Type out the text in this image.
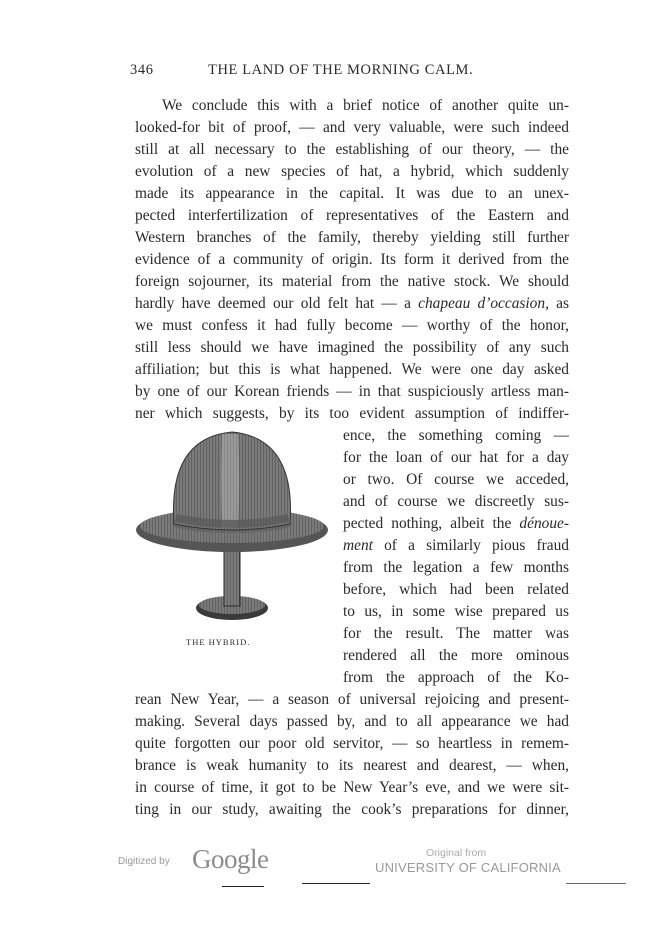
346	THE LAND OF THE MORNING CALM.
We conclude this with a brief notice of another quite un-
looked-for bit of proof, — and very valuable, were such indeed
still at all necessary to the establishing of our theory, — the
evolution of a new species of hat, a hybrid, which suddenly
made its appearance in the capital. It was due to an unex-
pected interfertilization of representatives of the Eastern and
Western branches of the family, thereby yielding still further
evidence of a community of origin. Its form it derived from the
foreign sojourner, its material from the native stock. We should
hardly have deemed our old felt hat — a chapeau d’occasion, as
we must confess it had fully become — worthy of the honor,
still less should we have imagined the possibility of any such
affiliation; but this is what happened. We were one day asked
by one of our Korean friends — in that suspiciously artless man-
ner which suggests, by its too evident assumption of indiffer-
ence, the something coming —
for the loan of our hat for a day
or two. Of course we acceded,
and of course we discreetly sus-
pected nothing, albeit the dénoue-
ment of a similarly pious fraud
from the legation a few months
before, which had been related
to us, in some wise prepared us
for the result. The matter was
rendered all the more ominous
from the approach of the Ko-
rean New Year, — a season of universal rejoicing and present-
making. Several days passed by, and to all appearance we had
quite forgotten our poor old servitor, — so heartless in remem-
brance is weak humanity to its nearest and dearest, — when,
in course of time, it got to be New Year’s eve, and we were sit-
ting in our study, awaiting the cook’s preparations for dinner,
THE HYBRID.
Digitized by Google	Original from
UNIVERSITY OF CALIFORNIA
